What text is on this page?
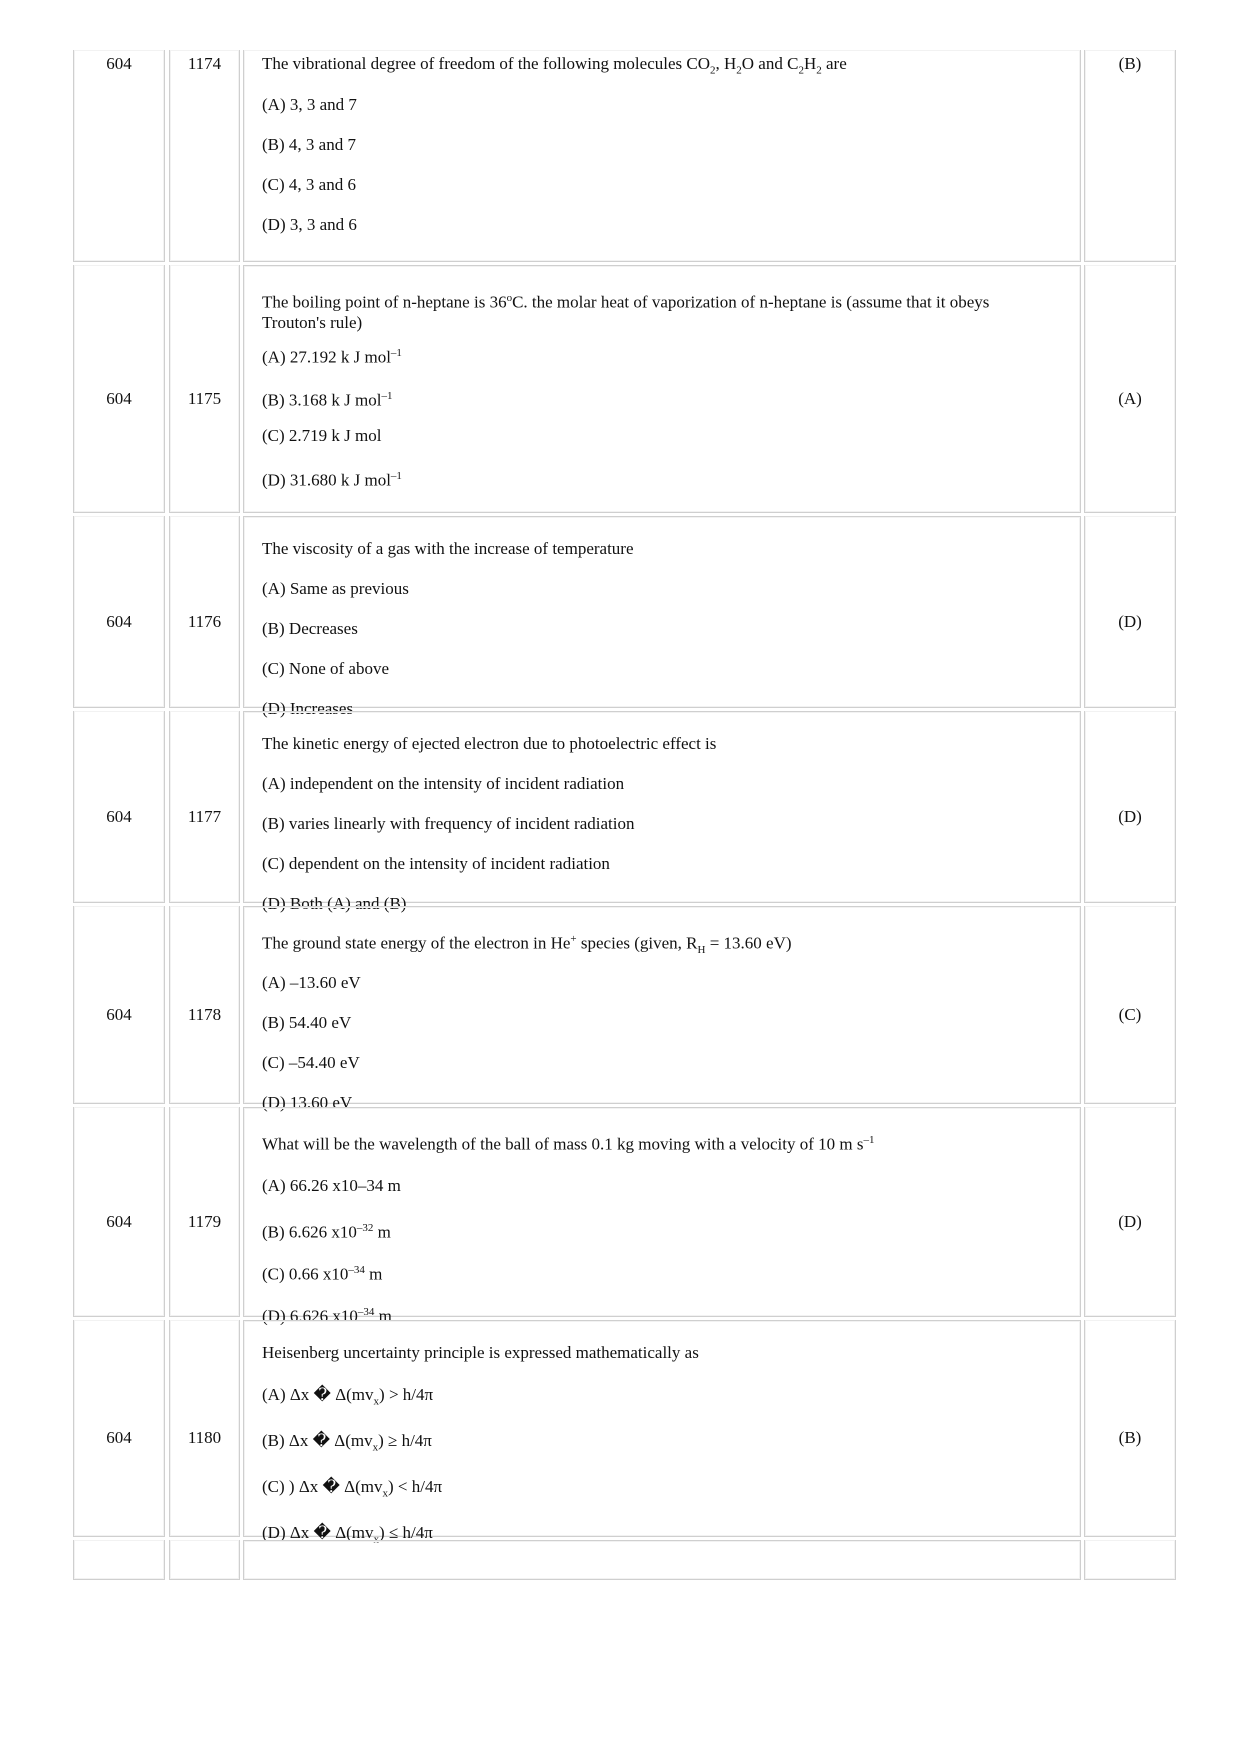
604	1174	The vibrational degree of freedom of the following molecules $CO_2$, $H_2O$ and $C_2H_2$ are
(A) 3, 3 and 7
(B) 4, 3 and 7
(C) 4, 3 and 6
(D) 3, 3 and 6
(B)
604	1175
The boiling point of n-heptane is 36$^o$C. the molar heat of vaporization of n-heptane is (assume that it obeys Trouton's rule)
(A) 27.192 k J mol$^{-1}$
(B) 3.168 k J mol$^{-1}$
(C) 2.719 k J mol
(D) 31.680 k J mol$^{-1}$
(A)
604	1176
The viscosity of a gas with the increase of temperature
(A) Same as previous
(B) Decreases
(C) None of above
(D) Increases
(D)
604	1177
The kinetic energy of ejected electron due to photoelectric effect is
(A) independent on the intensity of incident radiation
(B) varies linearly with frequency of incident radiation
(C) dependent on the intensity of incident radiation
(D) Both (A) and (B)
(D)
604	1178
The ground state energy of the electron in He+ species (given, $R_H = 13.60$ eV)
(A) –13.60 eV
(B) 54.40 eV
(C) –54.40 eV
(D) 13.60 eV
(C)
604	1179
What will be the wavelength of the ball of mass 0.1 kg moving with a velocity of 10 m $s^{-1}$
(A) 66.26 x10–34 m
(B) 6.626 $x10^{-32}$ m
(C) 0.66 $x10^{-34}$ m
(D) 6.626 $x10^{-34}$ m
(D)
604	1180
Heisenberg uncertainty principle is expressed mathematically as
(A) Δx � $\Delta(mv_x) > h/4\pi$
(B) Δx � $\Delta(mv_x) \ge h/4\pi$
(C) ) Δx � $\Delta(mv_x) < h/4\pi$
(D) Δx � $\Delta(mv_x) \le h/4\pi$
(B)
